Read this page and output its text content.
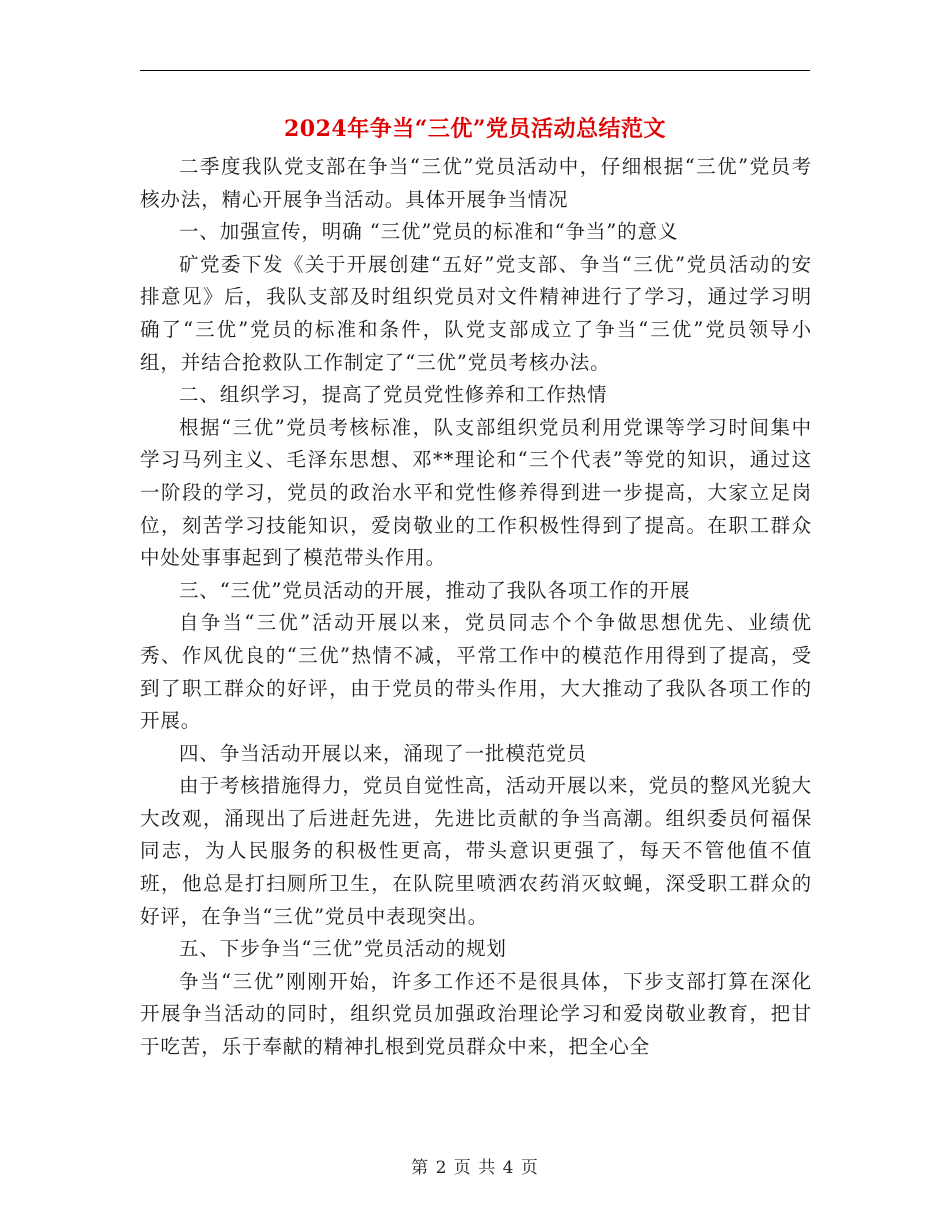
2024年争当“三优”党员活动总结范文

二季度我队党支部在争当“三优”党员活动中，仔细根据“三优”党员考核办法，精心开展争当活动。具体开展争当情况

一、加强宣传，明确 “三优”党员的标准和“争当”的意义

矿党委下发《关于开展创建“五好”党支部、争当“三优”党员活动的安排意见》后，我队支部及时组织党员对文件精神进行了学习，通过学习明确了“三优”党员的标准和条件，队党支部成立了争当“三优”党员领导小组，并结合抢救队工作制定了“三优”党员考核办法。

二、组织学习，提高了党员党性修养和工作热情

根据“三优”党员考核标准，队支部组织党员利用党课等学习时间集中学习马列主义、毛泽东思想、邓**理论和“三个代表”等党的知识，通过这一阶段的学习，党员的政治水平和党性修养得到进一步提高，大家立足岗位，刻苦学习技能知识，爱岗敬业的工作积极性得到了提高。在职工群众中处处事事起到了模范带头作用。

三、“三优”党员活动的开展，推动了我队各项工作的开展

自争当“三优”活动开展以来，党员同志个个争做思想优先、业绩优秀、作风优良的“三优”热情不减，平常工作中的模范作用得到了提高，受到了职工群众的好评，由于党员的带头作用，大大推动了我队各项工作的开展。

四、争当活动开展以来，涌现了一批模范党员

由于考核措施得力，党员自觉性高，活动开展以来，党员的整风光貌大大改观，涌现出了后进赶先进，先进比贡献的争当高潮。组织委员何福保同志，为人民服务的积极性更高，带头意识更强了，每天不管他值不值班，他总是打扫厕所卫生，在队院里喷洒农药消灭蚊蝇，深受职工群众的好评，在争当“三优”党员中表现突出。

五、下步争当“三优”党员活动的规划

争当“三优”刚刚开始，许多工作还不是很具体，下步支部打算在深化开展争当活动的同时，组织党员加强政治理论学习和爱岗敬业教育，把甘于吃苦，乐于奉献的精神扎根到党员群众中来，把全心全

第 2 页 共 4 页
